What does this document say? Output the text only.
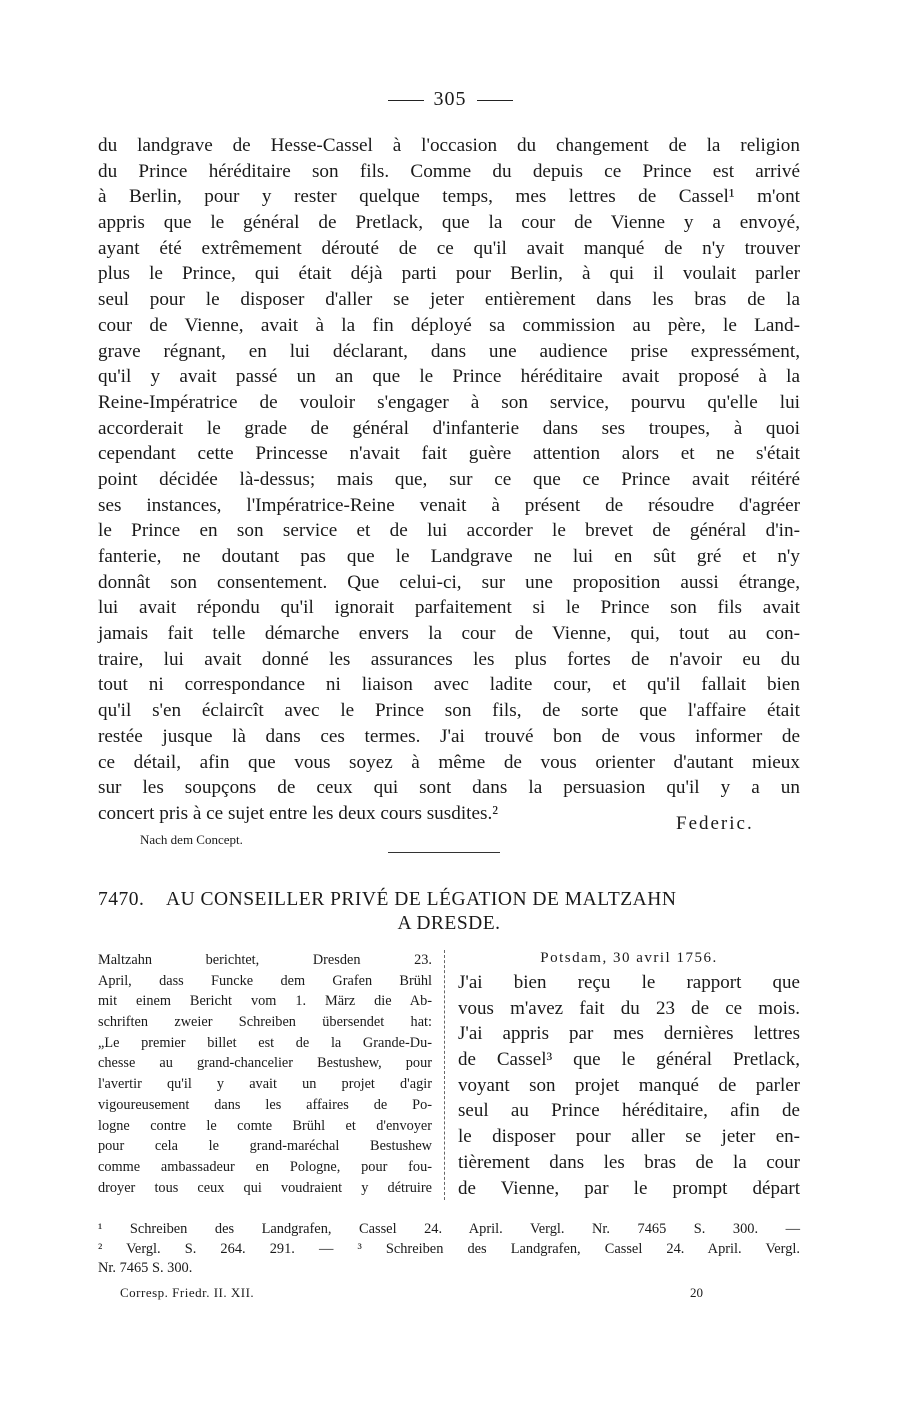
305
du landgrave de Hesse-Cassel à l'occasion du changement de la religion
du Prince héréditaire son fils. Comme du depuis ce Prince est arrivé
à Berlin, pour y rester quelque temps, mes lettres de Cassel¹ m'ont
appris que le général de Pretlack, que la cour de Vienne y a envoyé,
ayant été extrêmement dérouté de ce qu'il avait manqué de n'y trouver
plus le Prince, qui était déjà parti pour Berlin, à qui il voulait parler
seul pour le disposer d'aller se jeter entièrement dans les bras de la
cour de Vienne, avait à la fin déployé sa commission au père, le Land-
grave régnant, en lui déclarant, dans une audience prise expressément,
qu'il y avait passé un an que le Prince héréditaire avait proposé à la
Reine-Impératrice de vouloir s'engager à son service, pourvu qu'elle lui
accorderait le grade de général d'infanterie dans ses troupes, à quoi
cependant cette Princesse n'avait fait guère attention alors et ne s'était
point décidée là-dessus; mais que, sur ce que ce Prince avait réitéré
ses instances, l'Impératrice-Reine venait à présent de résoudre d'agréer
le Prince en son service et de lui accorder le brevet de général d'in-
fanterie, ne doutant pas que le Landgrave ne lui en sût gré et n'y
donnât son consentement. Que celui-ci, sur une proposition aussi étrange,
lui avait répondu qu'il ignorait parfaitement si le Prince son fils avait
jamais fait telle démarche envers la cour de Vienne, qui, tout au con-
traire, lui avait donné les assurances les plus fortes de n'avoir eu du
tout ni correspondance ni liaison avec ladite cour, et qu'il fallait bien
qu'il s'en éclaircît avec le Prince son fils, de sorte que l'affaire était
restée jusque là dans ces termes. J'ai trouvé bon de vous informer de
ce détail, afin que vous soyez à même de vous orienter d'autant mieux
sur les soupçons de ceux qui sont dans la persuasion qu'il y a un
concert pris à ce sujet entre les deux cours susdites.²	Federic.
Nach dem Concept.
7470.	AU CONSEILLER PRIVÉ DE LÉGATION DE MALTZAHN
A DRESDE.
Maltzahn berichtet, Dresden 23.
April, dass Funcke dem Grafen Brühl
mit einem Bericht vom 1. März die Ab-
schriften zweier Schreiben übersendet hat:
„Le premier billet est de la Grande-Du-
chesse au grand-chancelier Bestushew, pour
l'avertir qu'il y avait un projet d'agir
vigoureusement dans les affaires de Po-
logne contre le comte Brühl et d'envoyer
pour cela le grand-maréchal Bestushew
comme ambassadeur en Pologne, pour fou-
droyer tous ceux qui voudraient y détruire
Potsdam, 30 avril 1756.
J'ai bien reçu le rapport que
vous m'avez fait du 23 de ce mois.
J'ai appris par mes dernières lettres
de Cassel³ que le général Pretlack,
voyant son projet manqué de parler
seul au Prince héréditaire, afin de
le disposer pour aller se jeter en-
tièrement dans les bras de la cour
de Vienne, par le prompt départ
¹ Schreiben des Landgrafen, Cassel 24. April. Vergl. Nr. 7465 S. 300. —
² Vergl. S. 264. 291. — ³ Schreiben des Landgrafen, Cassel 24. April. Vergl.
Nr. 7465 S. 300.
Corresp. Friedr. II. XII.	20
